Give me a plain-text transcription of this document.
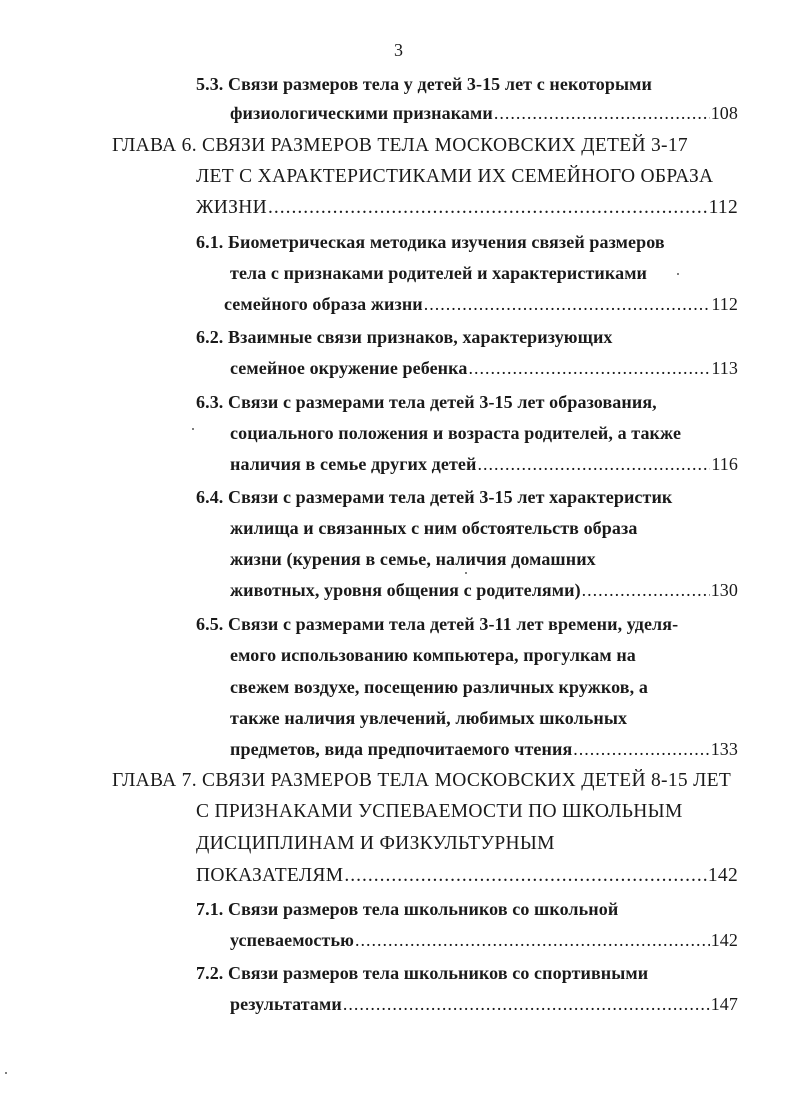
3
5.3. Связи размеров тела у детей 3-15 лет с некоторыми
физиологическими признаками .....	108
ГЛАВА 6. СВЯЗИ РАЗМЕРОВ ТЕЛА МОСКОВСКИХ ДЕТЕЙ 3-17
ЛЕТ С ХАРАКТЕРИСТИКАМИ ИХ СЕМЕЙНОГО ОБРАЗА
ЖИЗНИ .....	112
6.1. Биометрическая методика изучения связей размеров
тела с признаками родителей и характеристиками
семейного образа жизни .....	112
6.2. Взаимные связи признаков, характеризующих
семейное окружение ребенка .....	113
6.3. Связи с размерами тела детей 3-15 лет образования,
социального положения и возраста родителей, а также
наличия в семье других детей .....	116
6.4. Связи с размерами тела детей 3-15 лет характеристик
жилища и связанных с ним обстоятельств образа
жизни (курения в семье, наличия домашних
животных, уровня общения с родителями) .....	130
6.5. Связи с размерами тела детей 3-11 лет времени, уделя-
емого использованию компьютера, прогулкам на
свежем воздухе, посещению различных кружков, а
также наличия увлечений, любимых школьных
предметов, вида предпочитаемого чтения .....	133
ГЛАВА 7. СВЯЗИ РАЗМЕРОВ ТЕЛА МОСКОВСКИХ ДЕТЕЙ 8-15 ЛЕТ
С ПРИЗНАКАМИ УСПЕВАЕМОСТИ ПО ШКОЛЬНЫМ
ДИСЦИПЛИНАМ И ФИЗКУЛЬТУРНЫМ
ПОКАЗАТЕЛЯМ .....	142
7.1. Связи размеров тела школьников со школьной
успеваемостью .....	142
7.2. Связи размеров тела школьников со спортивными
результатами .....	147
